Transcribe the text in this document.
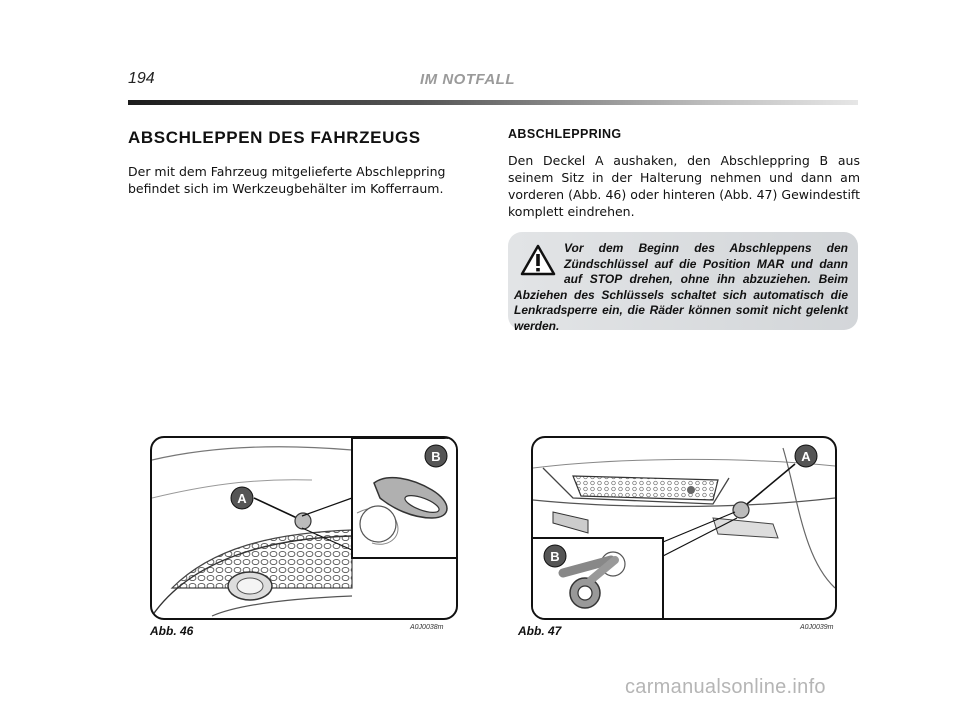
194	IM NOTFALL
ABSCHLEPPEN DES FAHRZEUGS
Der mit dem Fahrzeug mitgelieferte Abschleppring befindet sich im Werkzeugbehälter im Kofferraum.
ABSCHLEPPRING
Den Deckel A aushaken, den Abschleppring B aus seinem Sitz in der Halterung nehmen und dann am vorderen (Abb. 46) oder hinteren (Abb. 47) Gewindestift komplett eindrehen.
Vor dem Beginn des Abschleppens den Zündschlüssel auf die Position MAR und dann auf STOP drehen, ohne ihn abzuziehen. Beim Abziehen des Schlüssels schaltet sich automatisch die Lenkradsperre ein, die Räder können somit nicht gelenkt werden.
A
B
Abb. 46	A0J0038m
A
B
Abb. 47	A0J0039m
carmanualsonline.info
